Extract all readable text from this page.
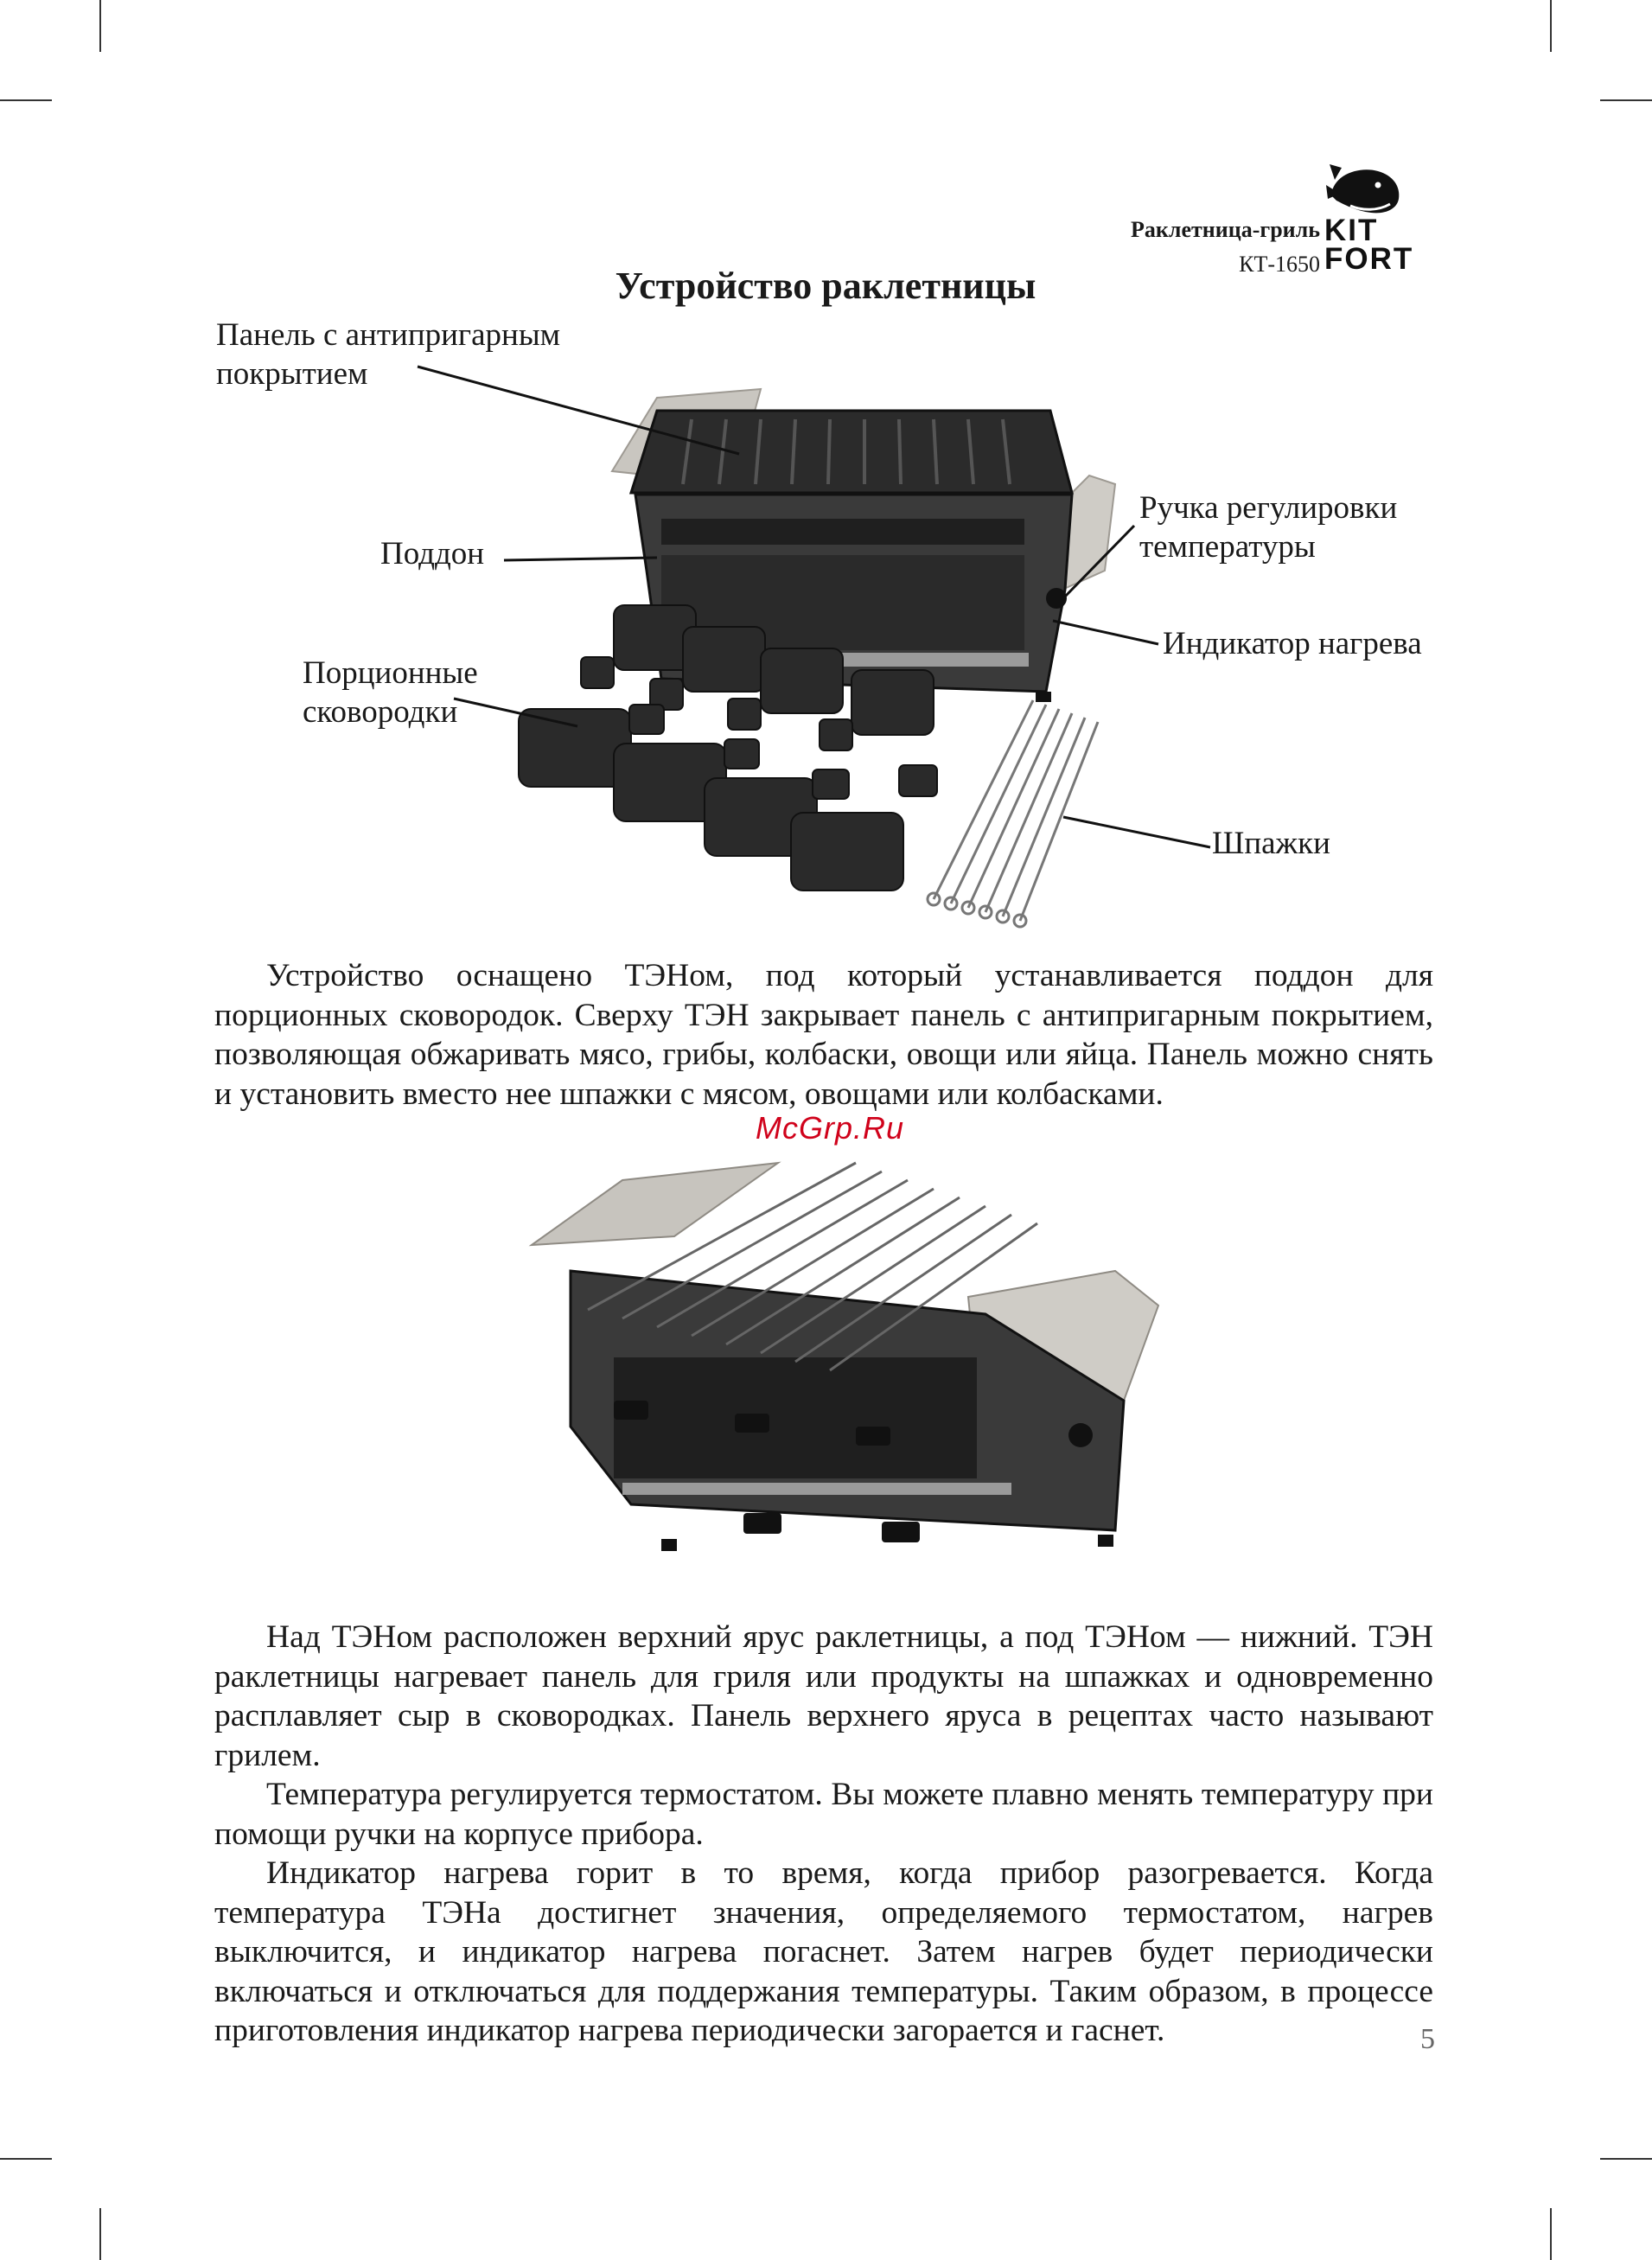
Раклетница-гриль
КТ-1650
KIT
FORT
Устройство раклетницы

Панель с антипригарным покрытием

Поддон

Порционные сковородки

Ручка регулировки температуры

Индикатор нагрева

Шпажки

Устройство оснащено ТЭНом, под который устанавливается поддон для порционных сковородок. Сверху ТЭН закрывает панель с антипригарным покрытием, позволяющая обжаривать мясо, грибы, колбаски, овощи или яйца. Панель можно снять и установить вместо нее шпажки с мясом, овощами или колбасками.

McGrp.Ru

Над ТЭНом расположен верхний ярус раклетницы, а под ТЭНом — нижний. ТЭН раклетницы нагревает панель для гриля или продукты на шпажках и одновременно расплавляет сыр в сковородках. Панель верхнего яруса в рецептах часто называют грилем.

Температура регулируется термостатом. Вы можете плавно менять температуру при помощи ручки на корпусе прибора.

Индикатор нагрева горит в то время, когда прибор разогревается. Когда температура ТЭНа достигнет значения, определяемого термостатом, нагрев выключится, и индикатор нагрева погаснет. Затем нагрев будет периодически включаться и отключаться для поддержания температуры. Таким образом, в процессе приготовления индикатор нагрева периодически загорается и гаснет.	5
